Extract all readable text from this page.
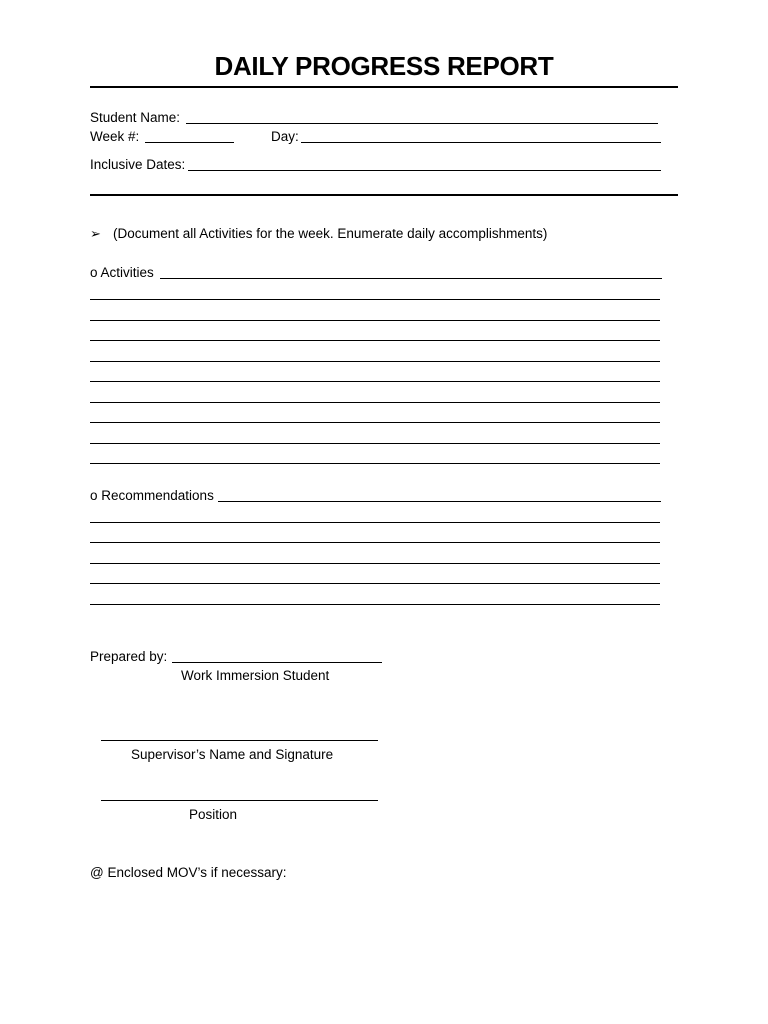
DAILY PROGRESS REPORT
Student Name:
Week #:	Day:
Inclusive Dates:
➢ (Document all Activities for the week. Enumerate daily accomplishments)
o Activities
o Recommendations
Prepared by:
Work Immersion Student
Supervisor’s Name and Signature
Position
@ Enclosed MOV’s if necessary:
